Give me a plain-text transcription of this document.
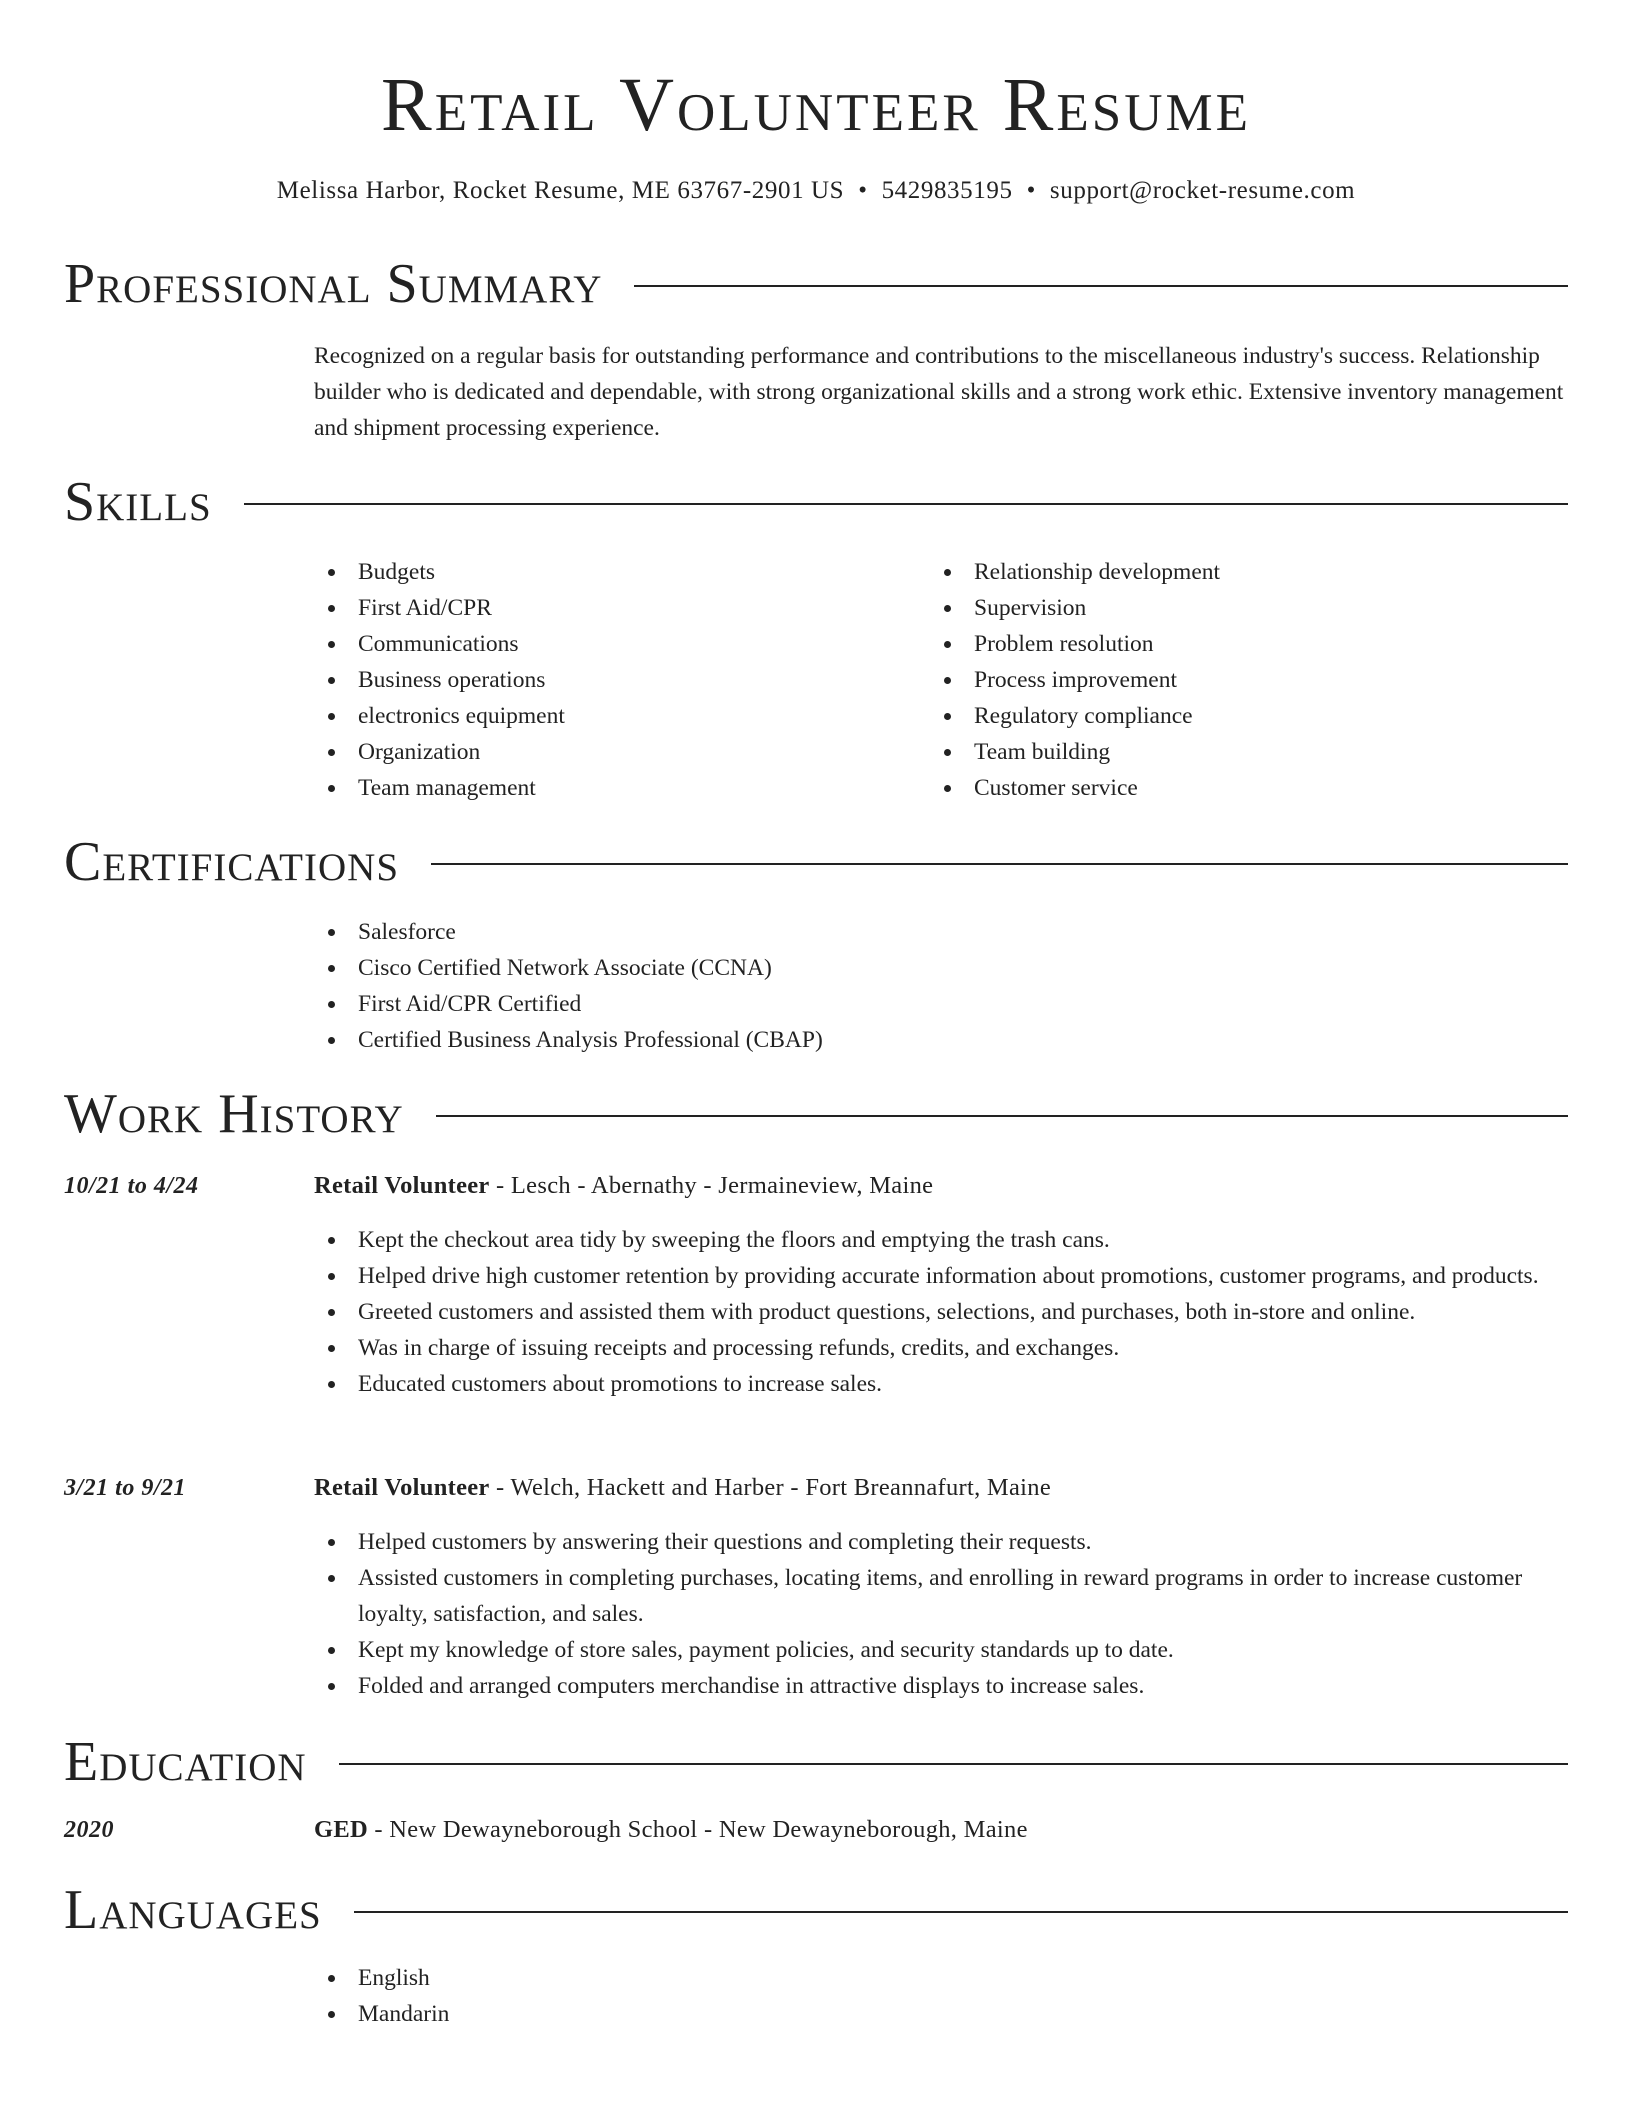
Retail Volunteer Resume
Melissa Harbor, Rocket Resume, ME 63767-2901 US • 5429835195 • support@rocket-resume.com
Professional Summary
Recognized on a regular basis for outstanding performance and contributions to the miscellaneous industry's success. Relationship builder who is dedicated and dependable, with strong organizational skills and a strong work ethic. Extensive inventory management and shipment processing experience.
Skills
Budgets
First Aid/CPR
Communications
Business operations
electronics equipment
Organization
Team management
Relationship development
Supervision
Problem resolution
Process improvement
Regulatory compliance
Team building
Customer service
Certifications
Salesforce
Cisco Certified Network Associate (CCNA)
First Aid/CPR Certified
Certified Business Analysis Professional (CBAP)
Work History
10/21 to 4/24	Retail Volunteer - Lesch - Abernathy - Jermaineview, Maine
Kept the checkout area tidy by sweeping the floors and emptying the trash cans.
Helped drive high customer retention by providing accurate information about promotions, customer programs, and products.
Greeted customers and assisted them with product questions, selections, and purchases, both in-store and online.
Was in charge of issuing receipts and processing refunds, credits, and exchanges.
Educated customers about promotions to increase sales.
3/21 to 9/21	Retail Volunteer - Welch, Hackett and Harber - Fort Breannafurt, Maine
Helped customers by answering their questions and completing their requests.
Assisted customers in completing purchases, locating items, and enrolling in reward programs in order to increase customer loyalty, satisfaction, and sales.
Kept my knowledge of store sales, payment policies, and security standards up to date.
Folded and arranged computers merchandise in attractive displays to increase sales.
Education
2020	GED - New Dewayneborough School - New Dewayneborough, Maine
Languages
English
Mandarin
